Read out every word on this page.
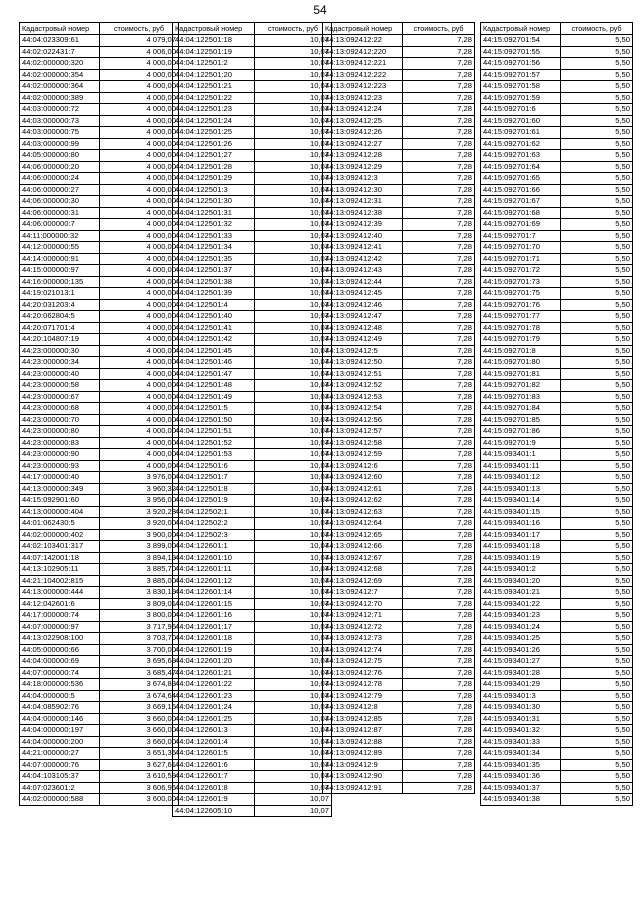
54
Кадастровый номер	стоимость, руб
44:04:023309:61	4 079,07
44:02:022431:7	4 006,00
44:02:000000:320	4 000,00
44:02:000000:354	4 000,00
44:02:000000:364	4 000,00
44:02:000000:389	4 000,00
44:03:000000:72	4 000,00
44:03:000000:73	4 000,00
44:03:000000:75	4 000,00
44:03:000000:99	4 000,00
44:05:000000:80	4 000,00
44:06:000000:20	4 000,00
44:06:000000:24	4 000,00
44:06:000000:27	4 000,00
44:06:000000:30	4 000,00
44:06:000000:31	4 000,00
44:06:000000:7	4 000,00
44:11:000000:32	4 000,00
44:12:000000:55	4 000,00
44:14:000000:91	4 000,00
44:15:000000:97	4 000,00
44:16:000000:135	4 000,00
44:19:021013:1	4 000,00
44:20:031203:4	4 000,00
44:20:062804:5	4 000,00
44:20:071701:4	4 000,00
44:20:104807:19	4 000,00
44:23:000000:30	4 000,00
44:23:000000:34	4 000,00
44:23:000000:40	4 000,00
44:23:000000:58	4 000,00
44:23:000000:67	4 000,00
44:23:000000:68	4 000,00
44:23:000000:70	4 000,00
44:23:000000:80	4 000,00
44:23:000000:83	4 000,00
44:23:000000:90	4 000,00
44:23:000000:93	4 000,00
44:17:000000:40	3 976,00
44:13:000000:349	3 960,32
44:15:092901:60	3 956,00
44:13:000000:404	3 920,28
44:01:062430:5	3 920,00
44:02:000000:402	3 900,00
44:02:103401:317	3 899,00
44:07:142001:18	3 894,19
44:13:102905:11	3 885,70
44:21:104002:815	3 885,00
44:13:000000:444	3 830,19
44:12:042601:6	3 809,01
44:17:000000:74	3 800,00
44:07:000000:97	3 717,95
44:13:022908:100	3 703,70
44:05:000000:66	3 700,00
44:04:000000:69	3 695,69
44:07:000000:74	3 685,47
44:18:000000:536	3 674,83
44:04:000000:5	3 674,64
44:04:085902:76	3 669,15
44:04:000000:146	3 660,00
44:04:000000:197	3 660,00
44:04:000000:200	3 660,00
44:21:000000:27	3 651,36
44:07:000000:76	3 627,61
44:04:103105:37	3 610,59
44:07:023601:2	3 606,96
44:02:000000:588	3 600,00
Кадастровый номер	стоимость, руб
44:04:122501:18	10,07
44:04:122501:19	10,07
44:04:122501:2	10,07
44:04:122501:20	10,07
44:04:122501:21	10,07
44:04:122501:22	10,07
44:04:122501:23	10,07
44:04:122501:24	10,07
44:04:122501:25	10,07
44:04:122501:26	10,07
44:04:122501:27	10,07
44:04:122501:28	10,07
44:04:122501:29	10,07
44:04:122501:3	10,07
44:04:122501:30	10,07
44:04:122501:31	10,07
44:04:122501:32	10,07
44:04:122501:33	10,07
44:04:122501:34	10,07
44:04:122501:35	10,07
44:04:122501:37	10,07
44:04:122501:38	10,07
44:04:122501:39	10,07
44:04:122501:4	10,07
44:04:122501:40	10,07
44:04:122501:41	10,07
44:04:122501:42	10,07
44:04:122501:45	10,07
44:04:122501:46	10,07
44:04:122501:47	10,07
44:04:122501:48	10,07
44:04:122501:49	10,07
44:04:122501:5	10,07
44:04:122501:50	10,07
44:04:122501:51	10,07
44:04:122501:52	10,07
44:04:122501:53	10,07
44:04:122501:6	10,07
44:04:122501:7	10,07
44:04:122501:8	10,07
44:04:122501:9	10,07
44:04:122502:1	10,07
44:04:122502:2	10,07
44:04:122502:3	10,07
44:04:122601:1	10,07
44:04:122601:10	10,07
44:04:122601:11	10,07
44:04:122601:12	10,07
44:04:122601:14	10,07
44:04:122601:15	10,07
44:04:122601:16	10,07
44:04:122601:17	10,07
44:04:122601:18	10,07
44:04:122601:19	10,07
44:04:122601:20	10,07
44:04:122601:21	10,07
44:04:122601:22	10,07
44:04:122601:23	10,07
44:04:122601:24	10,07
44:04:122601:25	10,07
44:04:122601:3	10,07
44:04:122601:4	10,07
44:04:122601:5	10,07
44:04:122601:6	10,07
44:04:122601:7	10,07
44:04:122601:8	10,07
44:04:122601:9	10,07
44:04:122605:10	10,07
Кадастровый номер	стоимость, руб
44:13:092412:22	7,28
44:13:092412:220	7,28
44:13:092412:221	7,28
44:13:092412:222	7,28
44:13:092412:223	7,28
44:13:092412:23	7,28
44:13:092412:24	7,28
44:13:092412:25	7,28
44:13:092412:26	7,28
44:13:092412:27	7,28
44:13:092412:28	7,28
44:13:092412:29	7,28
44:13:092412:3	7,28
44:13:092412:30	7,28
44:13:092412:31	7,28
44:13:092412:38	7,28
44:13:092412:39	7,28
44:13:092412:40	7,28
44:13:092412:41	7,28
44:13:092412:42	7,28
44:13:092412:43	7,28
44:13:092412:44	7,28
44:13:092412:45	7,28
44:13:092412:46	7,28
44:13:092412:47	7,28
44:13:092412:48	7,28
44:13:092412:49	7,28
44:13:092412:5	7,28
44:13:092412:50	7,28
44:13:092412:51	7,28
44:13:092412:52	7,28
44:13:092412:53	7,28
44:13:092412:54	7,28
44:13:092412:56	7,28
44:13:092412:57	7,28
44:13:092412:58	7,28
44:13:092412:59	7,28
44:13:092412:6	7,28
44:13:092412:60	7,28
44:13:092412:61	7,28
44:13:092412:62	7,28
44:13:092412:63	7,28
44:13:092412:64	7,28
44:13:092412:65	7,28
44:13:092412:66	7,28
44:13:092412:67	7,28
44:13:092412:68	7,28
44:13:092412:69	7,28
44:13:092412:7	7,28
44:13:092412:70	7,28
44:13:092412:71	7,28
44:13:092412:72	7,28
44:13:092412:73	7,28
44:13:092412:74	7,28
44:13:092412:75	7,28
44:13:092412:76	7,28
44:13:092412:78	7,28
44:13:092412:79	7,28
44:13:092412:8	7,28
44:13:092412:85	7,28
44:13:092412:87	7,28
44:13:092412:88	7,28
44:13:092412:89	7,28
44:13:092412:9	7,28
44:13:092412:90	7,28
44:13:092412:91	7,28
Кадастровый номер	стоимость, руб
44:15:092701:54	5,50
44:15:092701:55	5,50
44:15:092701:56	5,50
44:15:092701:57	5,50
44:15:092701:58	5,50
44:15:092701:59	5,50
44:15:092701:6	5,50
44:15:092701:60	5,50
44:15:092701:61	5,50
44:15:092701:62	5,50
44:15:092701:63	5,50
44:15:092701:64	5,50
44:15:092701:65	5,50
44:15:092701:66	5,50
44:15:092701:67	5,50
44:15:092701:68	5,50
44:15:092701:69	5,50
44:15:092701:7	5,50
44:15:092701:70	5,50
44:15:092701:71	5,50
44:15:092701:72	5,50
44:15:092701:73	5,50
44:15:092701:75	5,50
44:15:092701:76	5,50
44:15:092701:77	5,50
44:15:092701:78	5,50
44:15:092701:79	5,50
44:15:092701:8	5,50
44:15:092701:80	5,50
44:15:092701:81	5,50
44:15:092701:82	5,50
44:15:092701:83	5,50
44:15:092701:84	5,50
44:15:092701:85	5,50
44:15:092701:86	5,50
44:15:092701:9	5,50
44:15:093401:1	5,50
44:15:093401:11	5,50
44:15:093401:12	5,50
44:15:093401:13	5,50
44:15:093401:14	5,50
44:15:093401:15	5,50
44:15:093401:16	5,50
44:15:093401:17	5,50
44:15:093401:18	5,50
44:15:093401:19	5,50
44:15:093401:2	5,50
44:15:093401:20	5,50
44:15:093401:21	5,50
44:15:093401:22	5,50
44:15:093401:23	5,50
44:15:093401:24	5,50
44:15:093401:25	5,50
44:15:093401:26	5,50
44:15:093401:27	5,50
44:15:093401:28	5,50
44:15:093401:29	5,50
44:15:093401:3	5,50
44:15:093401:30	5,50
44:15:093401:31	5,50
44:15:093401:32	5,50
44:15:093401:33	5,50
44:15:093401:34	5,50
44:15:093401:35	5,50
44:15:093401:36	5,50
44:15:093401:37	5,50
44:15:093401:38	5,50
